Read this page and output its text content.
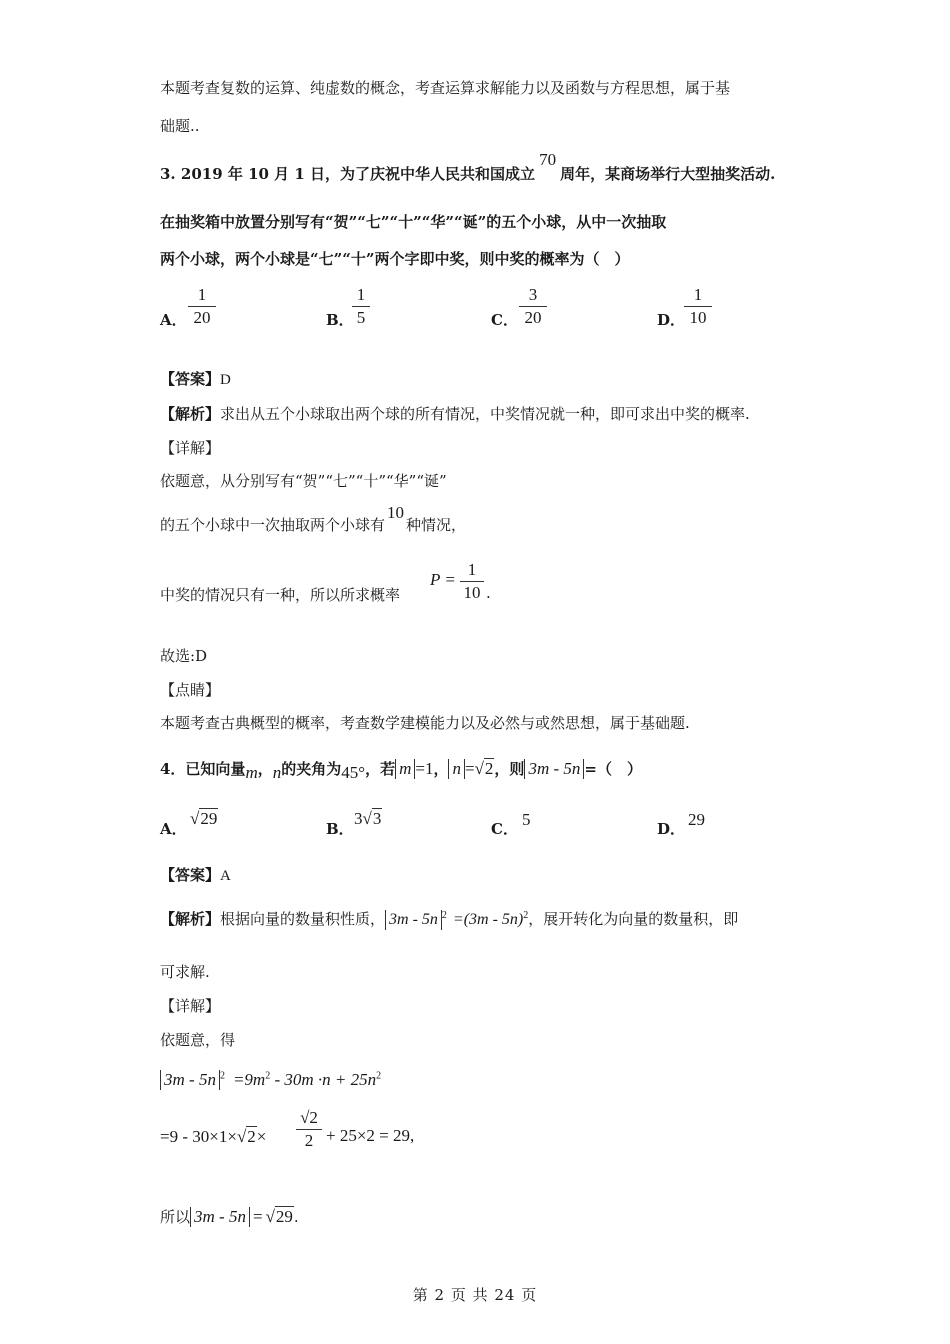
本题考查复数的运算、纯虚数的概念，考查运算求解能力以及函数与方程思想，属于基
础题..
3. 2019 年 10 月 1 日，为了庆祝中华人民共和国成立70周年，某商场举行大型抽奖活动.
在抽奖箱中放置分别写有“贺”“七”“十”“华”“诞”的五个小球，从中一次抽取
两个小球，两个小球是“七”“十”两个字即中奖，则中奖的概率为（　）
A．
1
20	B．
1
5	C．
3
20	D．
1
10
【答案】D
【解析】求出从五个小球取出两个球的所有情况，中奖情况就一种，即可求出中奖的概率.
【详解】
依题意，从分别写有“贺”“七”“十”“华”“诞”
的五个小球中一次抽取两个小球有10种情况，
中奖的情况只有一种，所以所求概率
P =
1
10 .
故选:D
【点睛】
本题考查古典概型的概率，考查数学建模能力以及必然与或然思想，属于基础题.
4．已知向量m，n的夹角为45°，若 m =1， n =√2，则 3m - 5n =（　）
A．
√29
B．
3√3
C． 5	D． 29
【答案】A
【解析】根据向量的数量积性质， 3m - 5n $^2$ =(3m - 5n)$^2$，展开转化为向量的数量积，即
可求解.
【详解】
依题意，得
3m - 5n $^2 =9m^2 - 30m \cdot n + 25n^2$
=9 - 30×1×√2×
√2
2 + 25×2 = 29,
所以 3m - 5n = √29.
第 2 页 共 24 页
